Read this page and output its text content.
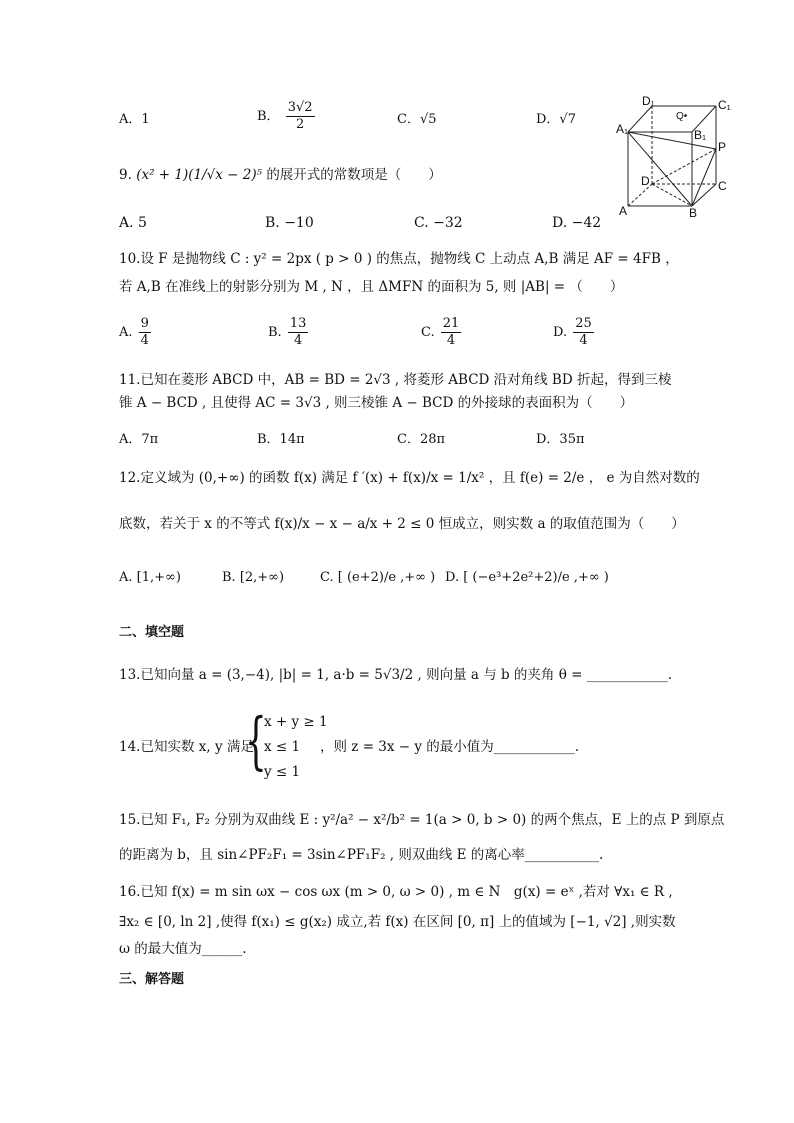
A．1	B． $\frac{3√2}{2}$	C．√5	D．√7
D₁	C₁
A₁
Q•
B₁
P
D	C
A	B
9. (x² + 1)(1/√x − 2)⁵ 的展开式的常数项是（　　）
A. 5	B. −10	C. −32	D. −42
10.设 F 是抛物线 C : y² = 2px ( p > 0 ) 的焦点，抛物线 C 上动点 A,B 满足 AF = 4FB ，
若 A,B 在准线上的射影分别为 M , N ，且 ΔMFN 的面积为 5, 则 |AB| = （　　）
A. $\frac{9}{4}$	B. $\frac{13}{4}$	C. $\frac{21}{4}$	D. $\frac{25}{4}$
11.已知在菱形 ABCD 中，AB = BD = 2√3 , 将菱形 ABCD 沿对角线 BD 折起，得到三棱
锥 A − BCD , 且使得 AC = 3√3 , 则三棱锥 A − BCD 的外接球的表面积为（　　）
A．7π	B．14π	C．28π	D．35π
12.定义域为 (0,+∞) 的函数 f(x) 满足 f ′(x) + f(x)/x = 1/x² ，且 f(e) = 2/e ， e 为自然对数的
底数，若关于 x 的不等式 f(x)/x − x − a/x + 2 ≤ 0 恒成立，则实数 a 的取值范围为（　　）
A. [1,+∞)	B. [2,+∞)	C. [ (e+2)/e ,+∞ ) D. [ (−e³+2e²+2)/e ,+∞ )
二、填空题
13.已知向量 a = (3,−4), |b| = 1, a·b = 5√3/2 , 则向量 a 与 b 的夹角 θ = ____________.
14.已知实数 x, y 满足
{
x + y ≥ 1
x ≤ 1
y ≤ 1
，则 z = 3x − y 的最小值为____________.
15.已知 F₁, F₂ 分别为双曲线 E : y²/a² − x²/b² = 1(a > 0, b > 0) 的两个焦点，E 上的点 P 到原点
的距离为 b，且 sin∠PF₂F₁ = 3sin∠PF₁F₂ , 则双曲线 E 的离心率___________.
16.已知 f(x) = m sin ωx − cos ωx (m > 0, ω > 0) , m ∈ N　g(x) = eˣ ,若对 ∀x₁ ∈ R ,
∃x₂ ∈ [0, ln 2] ,使得 f(x₁) ≤ g(x₂) 成立,若 f(x) 在区间 [0, π] 上的值域为 [−1, √2] ,则实数
ω 的最大值为______.
三、解答题
